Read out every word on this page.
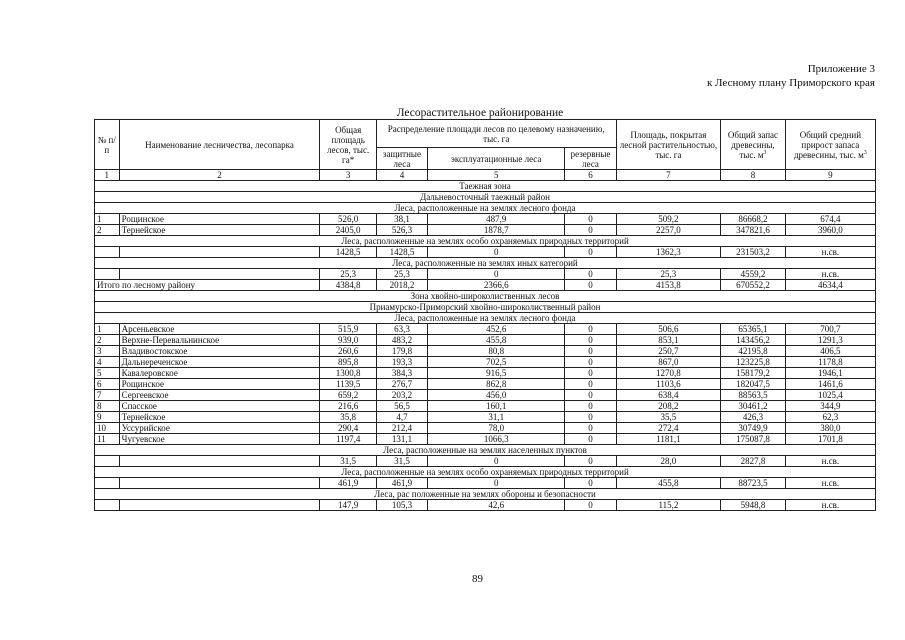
Приложение 3
к Лесному плану Приморского края
Лесорастительное районирование
№ п/п	Наименование лесничества, лесопарка	Общая площадь лесов, тыс. га*	Распределение площади лесов по целевому назначению, тыс. га			Площадь, покрытая лесной растительностью, тыс. га	Общий запас древесины, тыс. $м^3$	Общий средний прирост запаса древесины, тыс. $м^3$
			защитные леса	эксплуатационные леса	резервные леса			
1	2	3	4	5	6	7	8	9
Таежная зона								
Дальневосточный таежный район								
Леса, расположенные на землях лесного фонда								
1	Рощинское	526,0	38,1	487,9	0	509,2	86668,2	674,4
2	Тернейское	2405,0	526,3	1878,7	0	2257,0	347821,6	3960,0
Леса, расположенные на землях особо охраняемых природных территорий								
		1428,5	1428,5	0	0	1362,3	231503,2	н.св.
Леса, расположенные на землях иных категорий								
		25,3	25,3	0	0	25,3	4559,2	н.св.
Итого по лесному району		4384,8	2018,2	2366,6	0	4153,8	670552,2	4634,4
Зона хвойно-широколиственных лесов								
Приамурско-Приморский хвойно-широколиственный район								
Леса, расположенные на землях лесного фонда								
1	Арсеньевское	515,9	63,3	452,6	0	506,6	65365,1	700,7
2	Верхне-Перевальнинское	939,0	483,2	455,8	0	853,1	143456,2	1291,3
3	Владивостокское	260,6	179,8	80,8	0	250,7	42195,8	406,5
4	Дальнереченское	895,8	193,3	702,5	0	867,0	123225,8	1178,8
5	Кавалеровское	1300,8	384,3	916,5	0	1270,8	158179,2	1946,1
6	Рощинское	1139,5	276,7	862,8	0	1103,6	182047,5	1461,6
7	Сергеевское	659,2	203,2	456,0	0	638,4	88563,5	1025,4
8	Спасское	216,6	56,5	160,1	0	208,2	30461,2	344,9
9	Тернейское	35,8	4,7	31,1	0	35,5	426,3	62,3
10	Уссурийское	290,4	212,4	78,0	0	272,4	30749,9	380,0
11	Чугуевское	1197,4	131,1	1066,3	0	1181,1	175087,8	1701,8
Леса, расположенные на землях населенных пунктов								
		31,5	31,5	0	0	28,0	2827,8	н.св.
Леса, расположенные на землях особо охраняемых природных территорий								
		461,9	461,9	0	0	455,8	88723,5	н.св.
Леса, рас положенные на землях обороны и безопасности								
		147,9	105,3	42,6	0	115,2	5948,8	н.св.
89
